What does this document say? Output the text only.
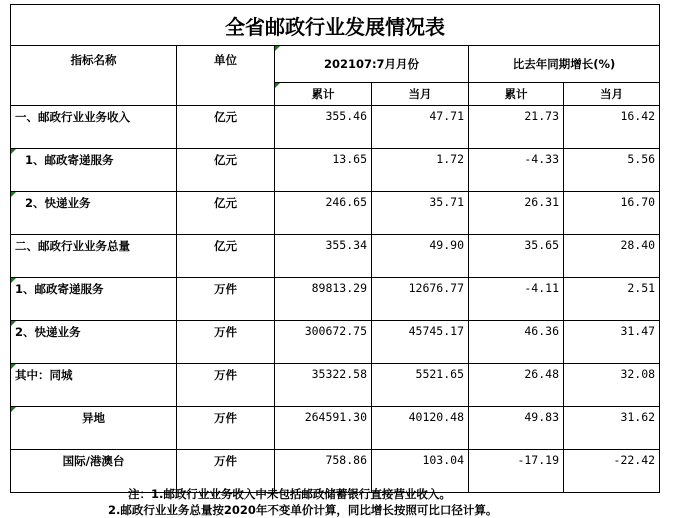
全省邮政行业发展情况表					
指标名称	单位	202107:7月月份		比去年同期增长(%)	
		累计	当月	累计	当月
一、邮政行业业务收入	亿元	355.46	47.71	21.73	16.42
1、邮政寄递服务	亿元	13.65	1.72	-4.33	5.56
2、快递业务	亿元	246.65	35.71	26.31	16.70
二、邮政行业业务总量	亿元	355.34	49.90	35.65	28.40
1、邮政寄递服务	万件	89813.29	12676.77	-4.11	2.51
2、快递业务	万件	300672.75	45745.17	46.36	31.47
其中：同城	万件	35322.58	5521.65	26.48	32.08
异地	万件	264591.30	40120.48	49.83	31.62
国际/港澳台	万件	758.86	103.04	-17.19	-22.42
注：1.邮政行业业务收入中未包括邮政储蓄银行直接营业收入。
2.邮政行业业务总量按2020年不变单价计算，同比增长按照可比口径计算。
